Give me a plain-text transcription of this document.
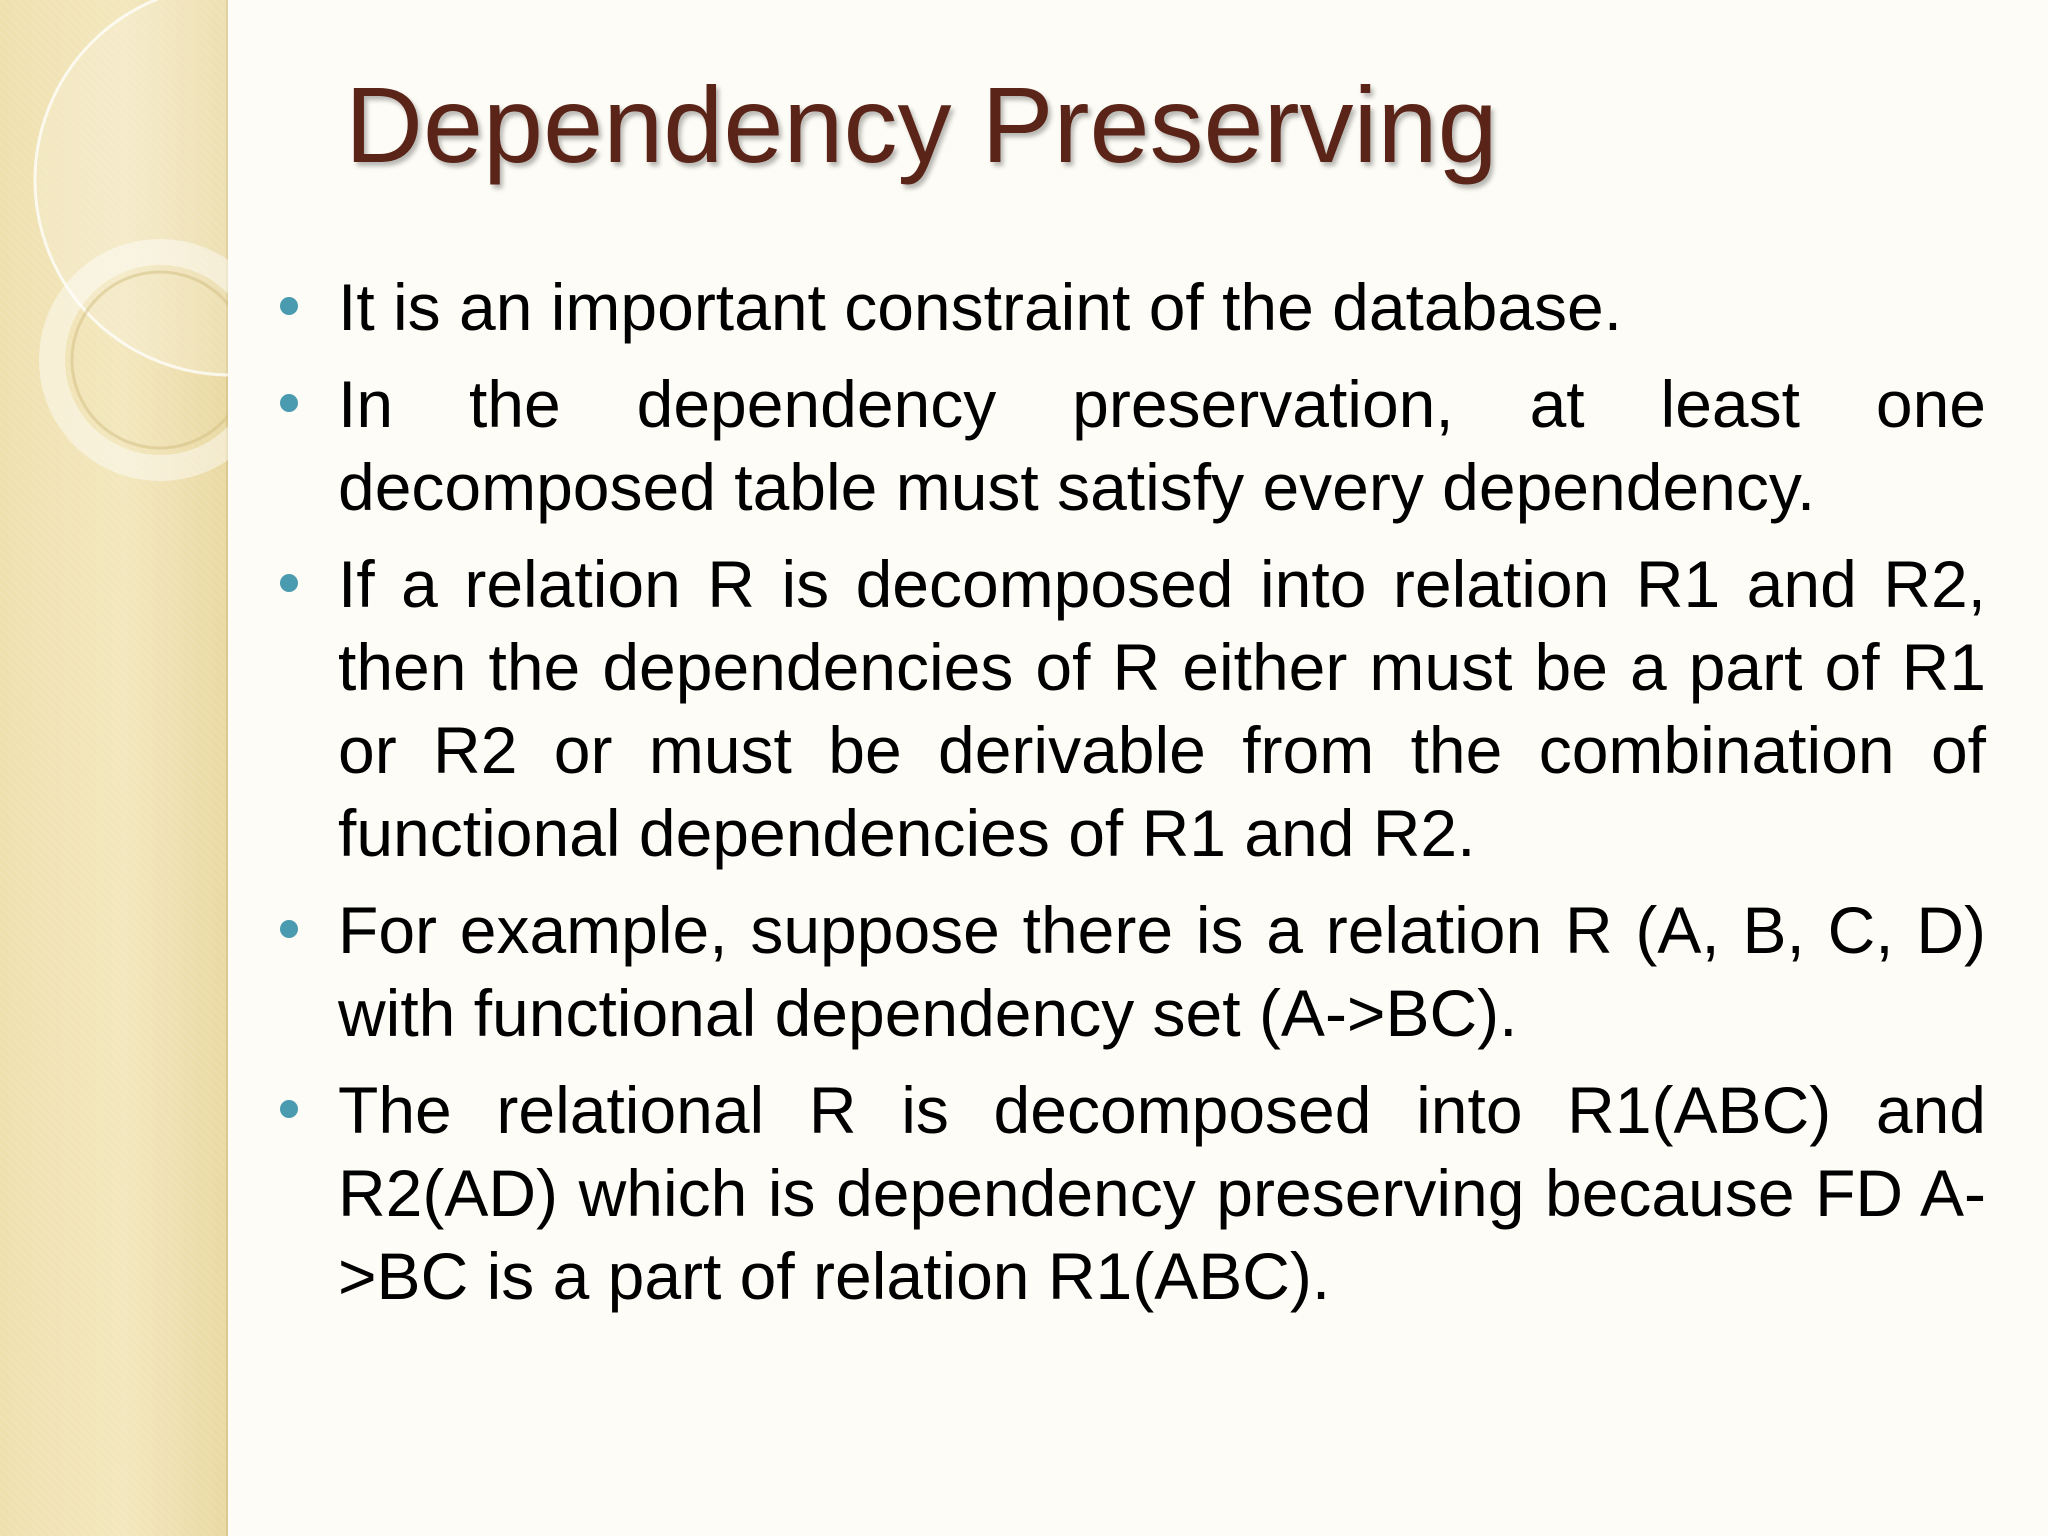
Dependency Preserving
It is an important constraint of the database.
In the dependency preservation, at least one decomposed table must satisfy every dependency.
If a relation R is decomposed into relation R1 and R2, then the dependencies of R either must be a part of R1 or R2 or must be derivable from the combination of functional dependencies of R1 and R2.
For example, suppose there is a relation R (A, B, C, D) with functional dependency set (A->BC).
The relational R is decomposed into R1(ABC) and R2(AD) which is dependency preserving because FD A->BC is a part of relation R1(ABC).
